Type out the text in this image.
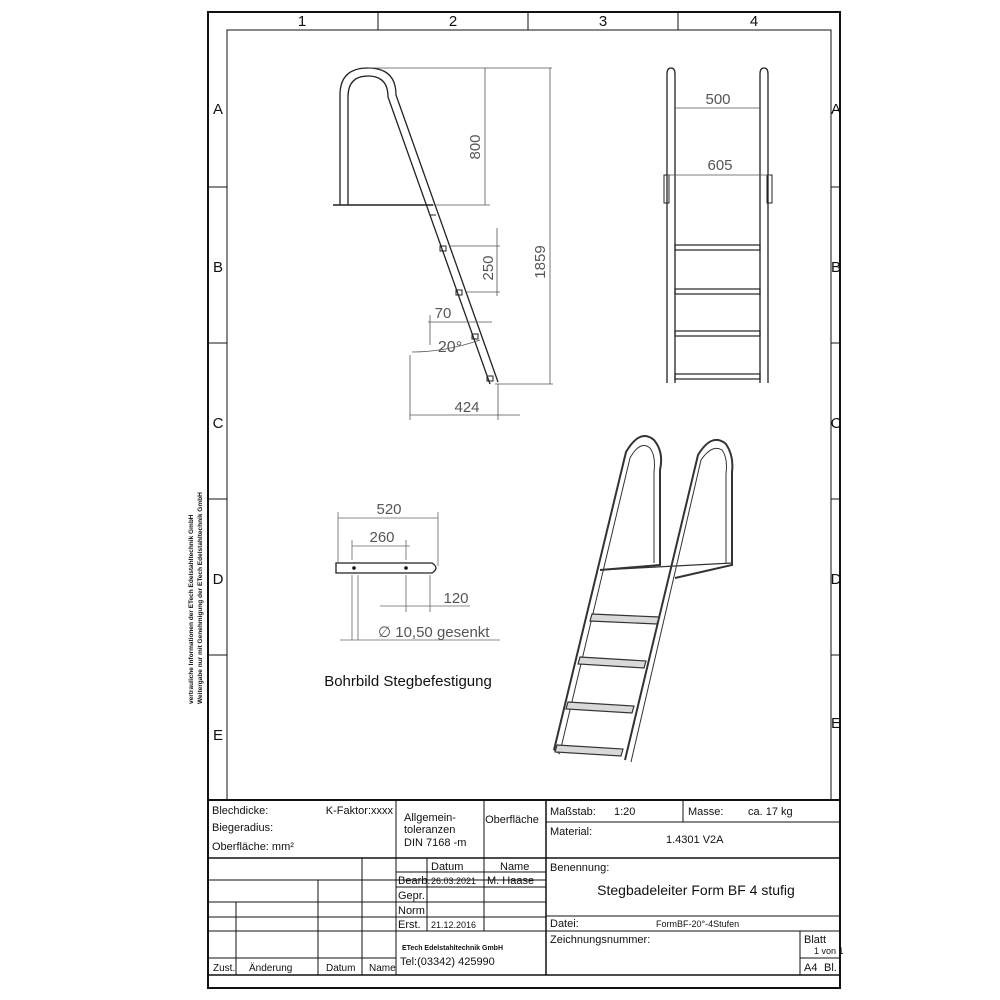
1	2	3	4
A
B
C
D
E
A
B
C
D
E
vertrauliche Informationen der ETech Edelstahltechnik GmbH Weitergabe nur mit Genehmigung der ETech Edelstahltechnik GmbH
800
1859
250
70
20°
424
500
605
520
260
120
∅ 10,50 gesenkt
Bohrbild Stegbefestigung
Blechdicke:	K-Faktor:xxxx
Biegeradius:
Oberfläche: mm²
Allgemein-
toleranzen
DIN 7168 -m
Oberfläche
Maßstab: 1:20	Masse: ca. 17 kg
Material:
1.4301 V2A
Datum	Name
Bearb. 26.03.2021 M. Haase
Gepr.
Norm
Erst. 21.12.2016
Benennung:
Stegbadeleiter Form BF 4 stufig
Datei:	FormBF-20°-4Stufen
Zeichnungsnummer:	Blatt
1 von 1
A4 Bl.
ETech Edelstahltechnik GmbH
Tel:(03342) 425990
Zust. Änderung	Datum Name
